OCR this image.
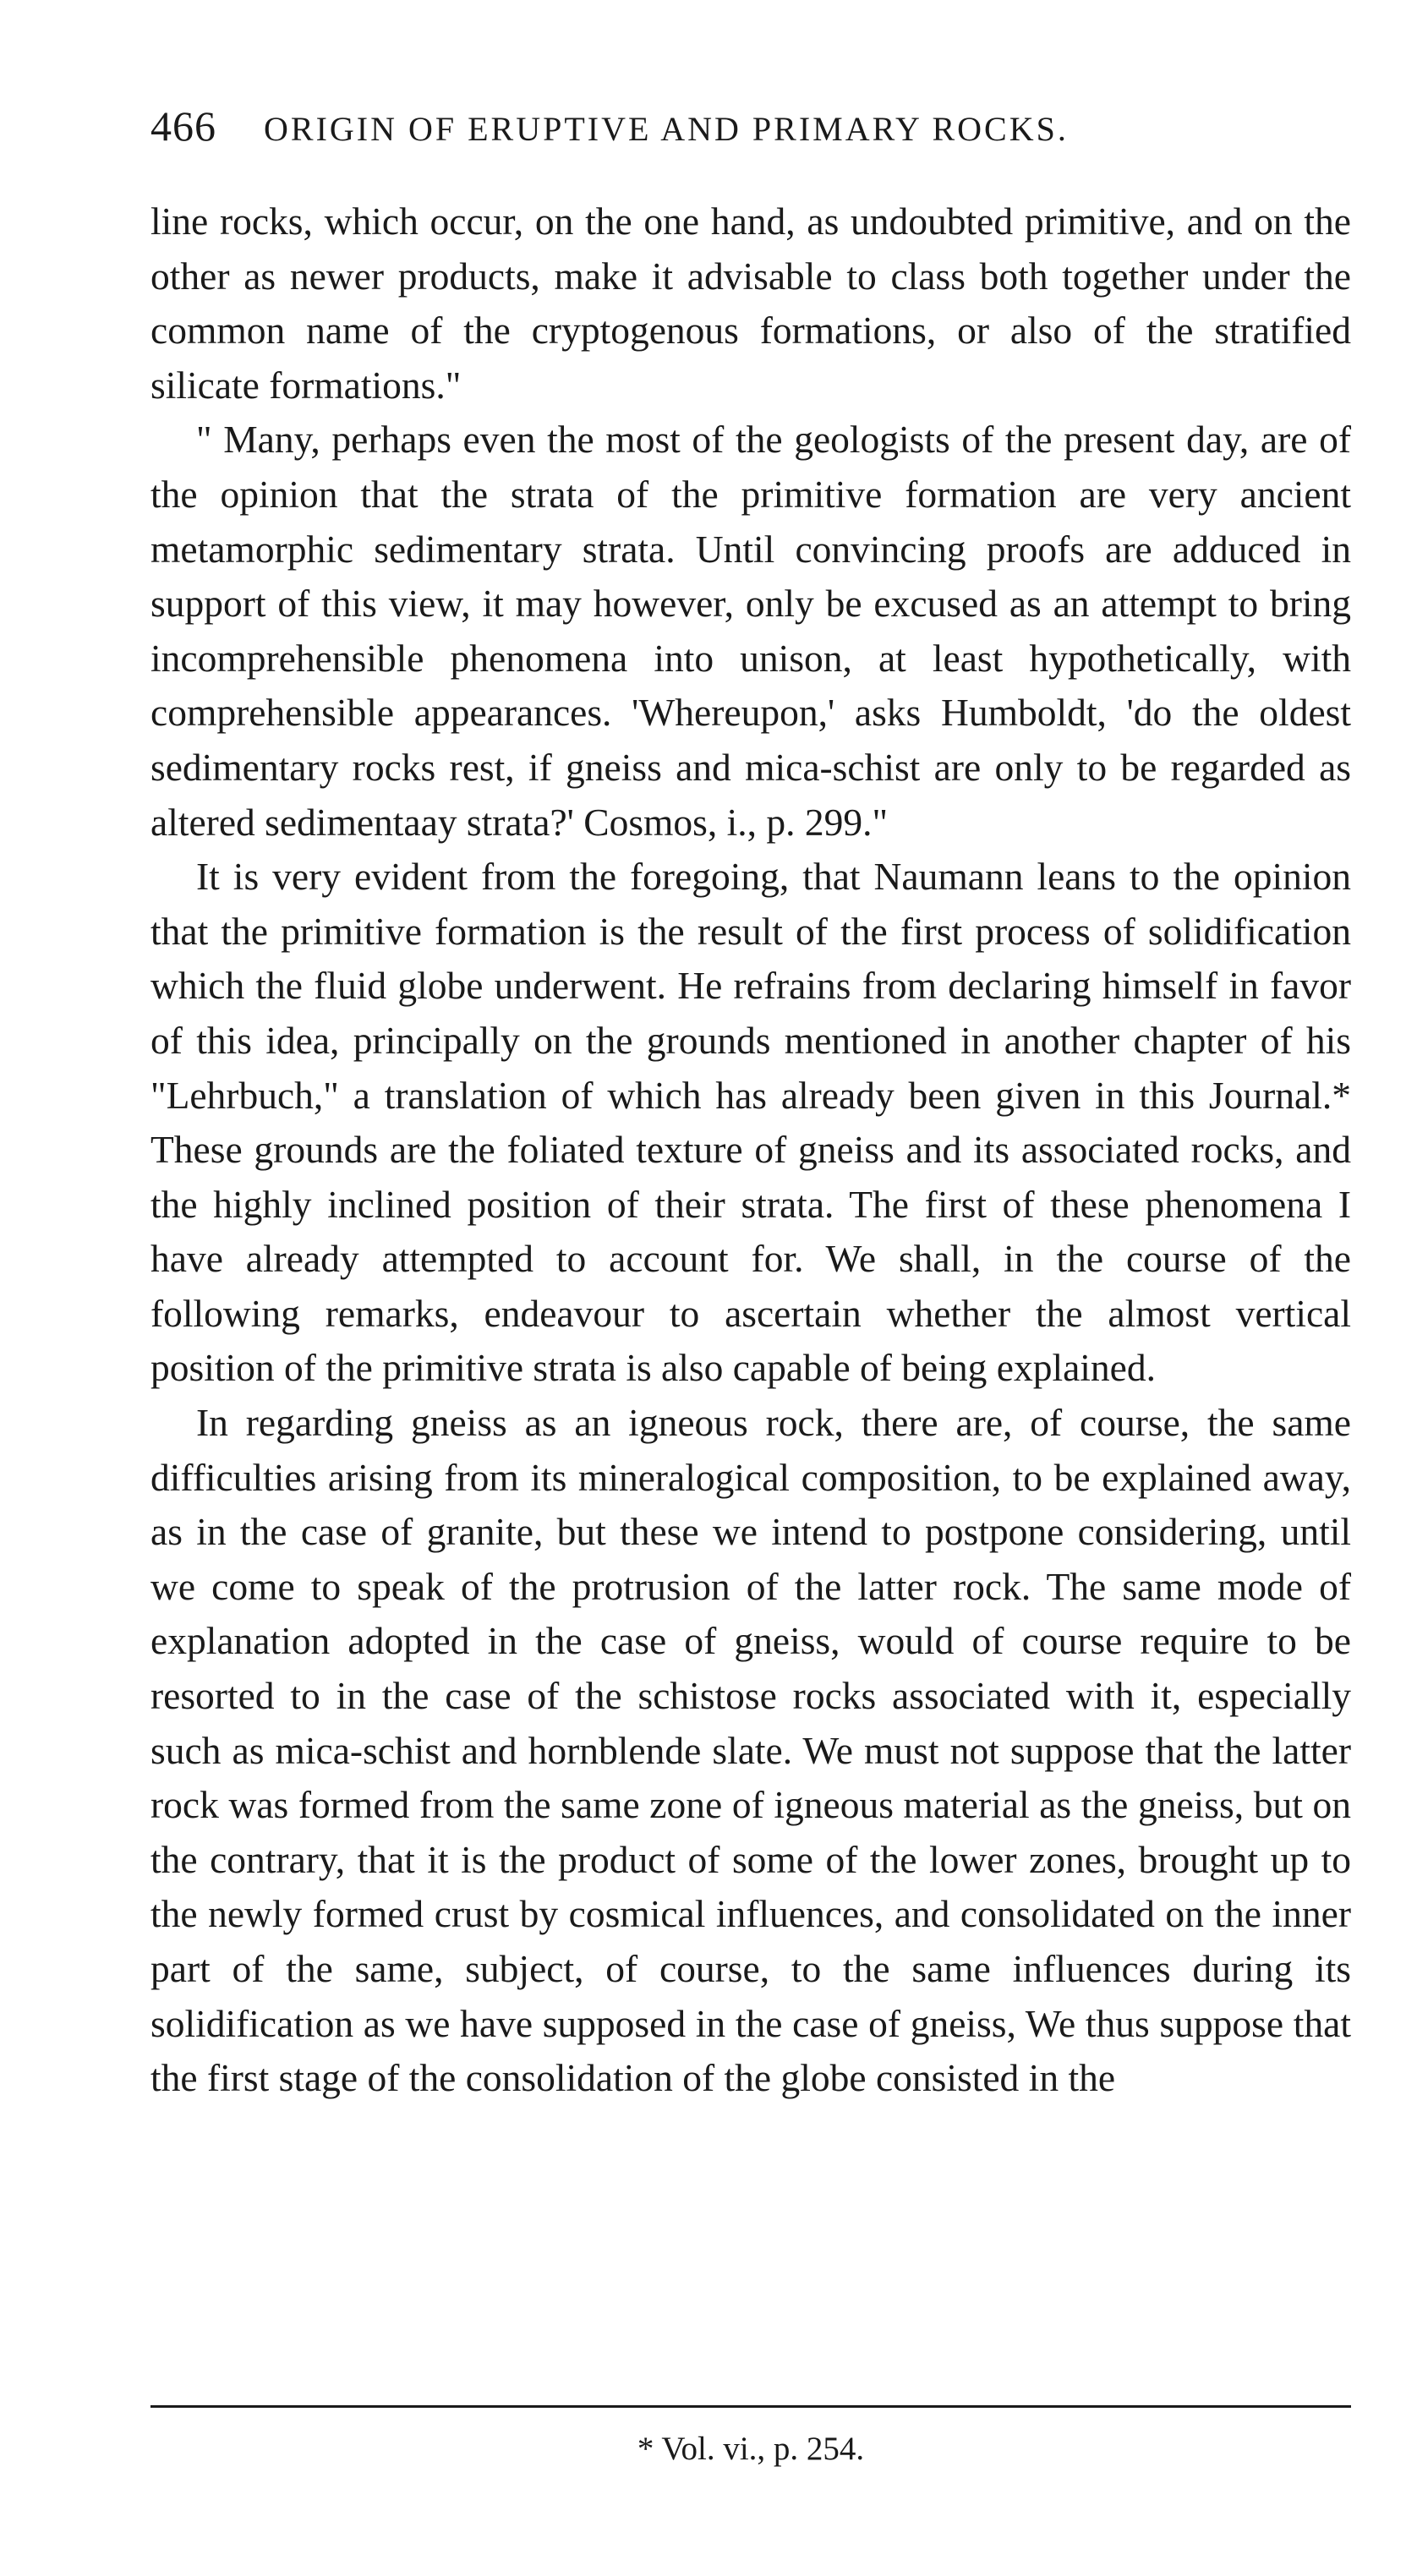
466 ORIGIN OF ERUPTIVE AND PRIMARY ROCKS.

line rocks, which occur, on the one hand, as undoubted primitive, and on the other as newer products, make it advisable to class both together under the common name of the cryptogenous formations, or also of the stratified silicate formations."

" Many, perhaps even the most of the geologists of the present day, are of the opinion that the strata of the primitive formation are very ancient metamorphic sedimentary strata. Until convincing proofs are adduced in support of this view, it may however, only be excused as an attempt to bring incomprehensible phenomena into unison, at least hypothetically, with comprehensible appearances. 'Whereupon,' asks Humboldt, 'do the oldest sedimentary rocks rest, if gneiss and mica-schist are only to be regarded as altered sedimentaay strata?' Cosmos, i., p. 299."

It is very evident from the foregoing, that Naumann leans to the opinion that the primitive formation is the result of the first process of solidification which the fluid globe underwent. He refrains from declaring himself in favor of this idea, principally on the grounds mentioned in another chapter of his "Lehrbuch," a translation of which has already been given in this Journal.* These grounds are the foliated texture of gneiss and its associated rocks, and the highly inclined position of their strata. The first of these phenomena I have already attempted to account for. We shall, in the course of the following remarks, endeavour to ascertain whether the almost vertical position of the primitive strata is also capable of being explained.

In regarding gneiss as an igneous rock, there are, of course, the same difficulties arising from its mineralogical composition, to be explained away, as in the case of granite, but these we intend to postpone considering, until we come to speak of the protrusion of the latter rock. The same mode of explanation adopted in the case of gneiss, would of course require to be resorted to in the case of the schistose rocks associated with it, especially such as mica-schist and hornblende slate. We must not suppose that the latter rock was formed from the same zone of igneous material as the gneiss, but on the contrary, that it is the product of some of the lower zones, brought up to the newly formed crust by cosmical influences, and consolidated on the inner part of the same, subject, of course, to the same influences during its solidification as we have supposed in the case of gneiss, We thus suppose that the first stage of the consolidation of the globe consisted in the

* Vol. vi., p. 254.
